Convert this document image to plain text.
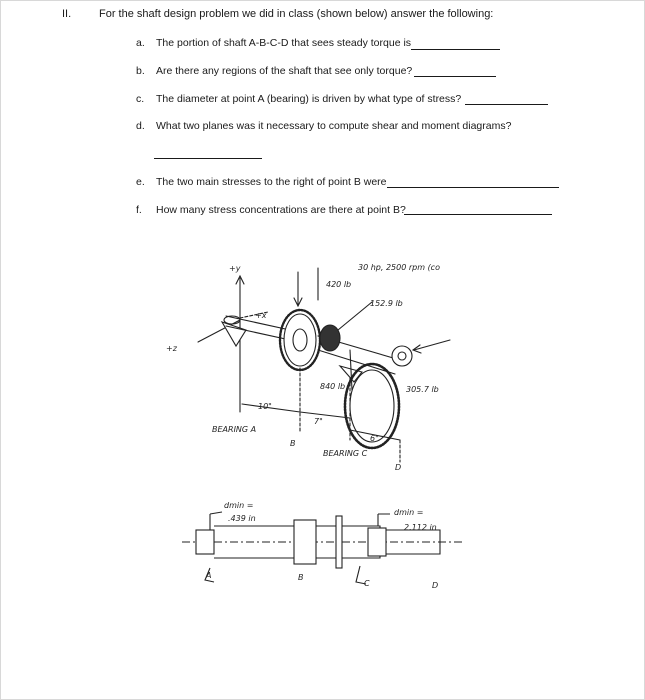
II.	For the shaft design problem we did in class (shown below) answer the following:
a. The portion of shaft A-B-C-D that sees steady torque is
b. Are there any regions of the shaft that see only torque?
c. The diameter at point A (bearing) is driven by what type of stress?
d. What two planes was it necessary to compute shear and moment diagrams?
e. The two main stresses to the right of point B were
f. How many stress concentrations are there at point B?
+y
+x
+z
30 hp, 2500 rpm (co
420 lb
152.9 lb
305.7 lb
840 lb
10"
7"
6"
BEARING A
B
BEARING C
D
dmin =
.439 in
dmin =
2.112 in
A	B
C	D
